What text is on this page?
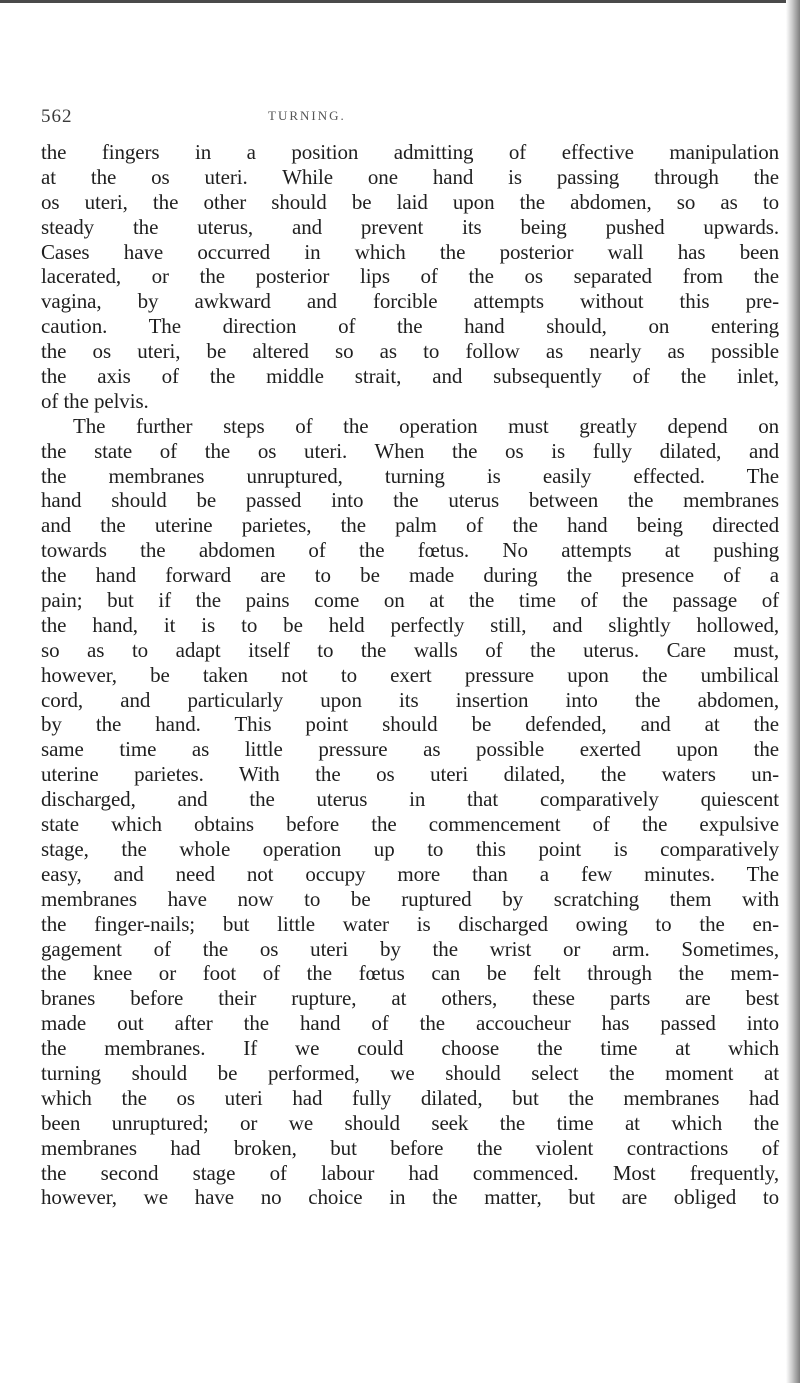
562	TURNING.
the fingers in a position admitting of effective manipulation
at the os uteri. While one hand is passing through the
os uteri, the other should be laid upon the abdomen, so as to
steady the uterus, and prevent its being pushed upwards.
Cases have occurred in which the posterior wall has been
lacerated, or the posterior lips of the os separated from the
vagina, by awkward and forcible attempts without this pre-
caution. The direction of the hand should, on entering
the os uteri, be altered so as to follow as nearly as possible
the axis of the middle strait, and subsequently of the inlet,
of the pelvis.
The further steps of the operation must greatly depend on
the state of the os uteri. When the os is fully dilated, and
the membranes unruptured, turning is easily effected. The
hand should be passed into the uterus between the membranes
and the uterine parietes, the palm of the hand being directed
towards the abdomen of the fœtus. No attempts at pushing
the hand forward are to be made during the presence of a
pain; but if the pains come on at the time of the passage of
the hand, it is to be held perfectly still, and slightly hollowed,
so as to adapt itself to the walls of the uterus. Care must,
however, be taken not to exert pressure upon the umbilical
cord, and particularly upon its insertion into the abdomen,
by the hand. This point should be defended, and at the
same time as little pressure as possible exerted upon the
uterine parietes. With the os uteri dilated, the waters un-
discharged, and the uterus in that comparatively quiescent
state which obtains before the commencement of the expulsive
stage, the whole operation up to this point is comparatively
easy, and need not occupy more than a few minutes. The
membranes have now to be ruptured by scratching them with
the finger-nails; but little water is discharged owing to the en-
gagement of the os uteri by the wrist or arm. Sometimes,
the knee or foot of the fœtus can be felt through the mem-
branes before their rupture, at others, these parts are best
made out after the hand of the accoucheur has passed into
the membranes. If we could choose the time at which
turning should be performed, we should select the moment at
which the os uteri had fully dilated, but the membranes had
been unruptured; or we should seek the time at which the
membranes had broken, but before the violent contractions of
the second stage of labour had commenced. Most frequently,
however, we have no choice in the matter, but are obliged to
